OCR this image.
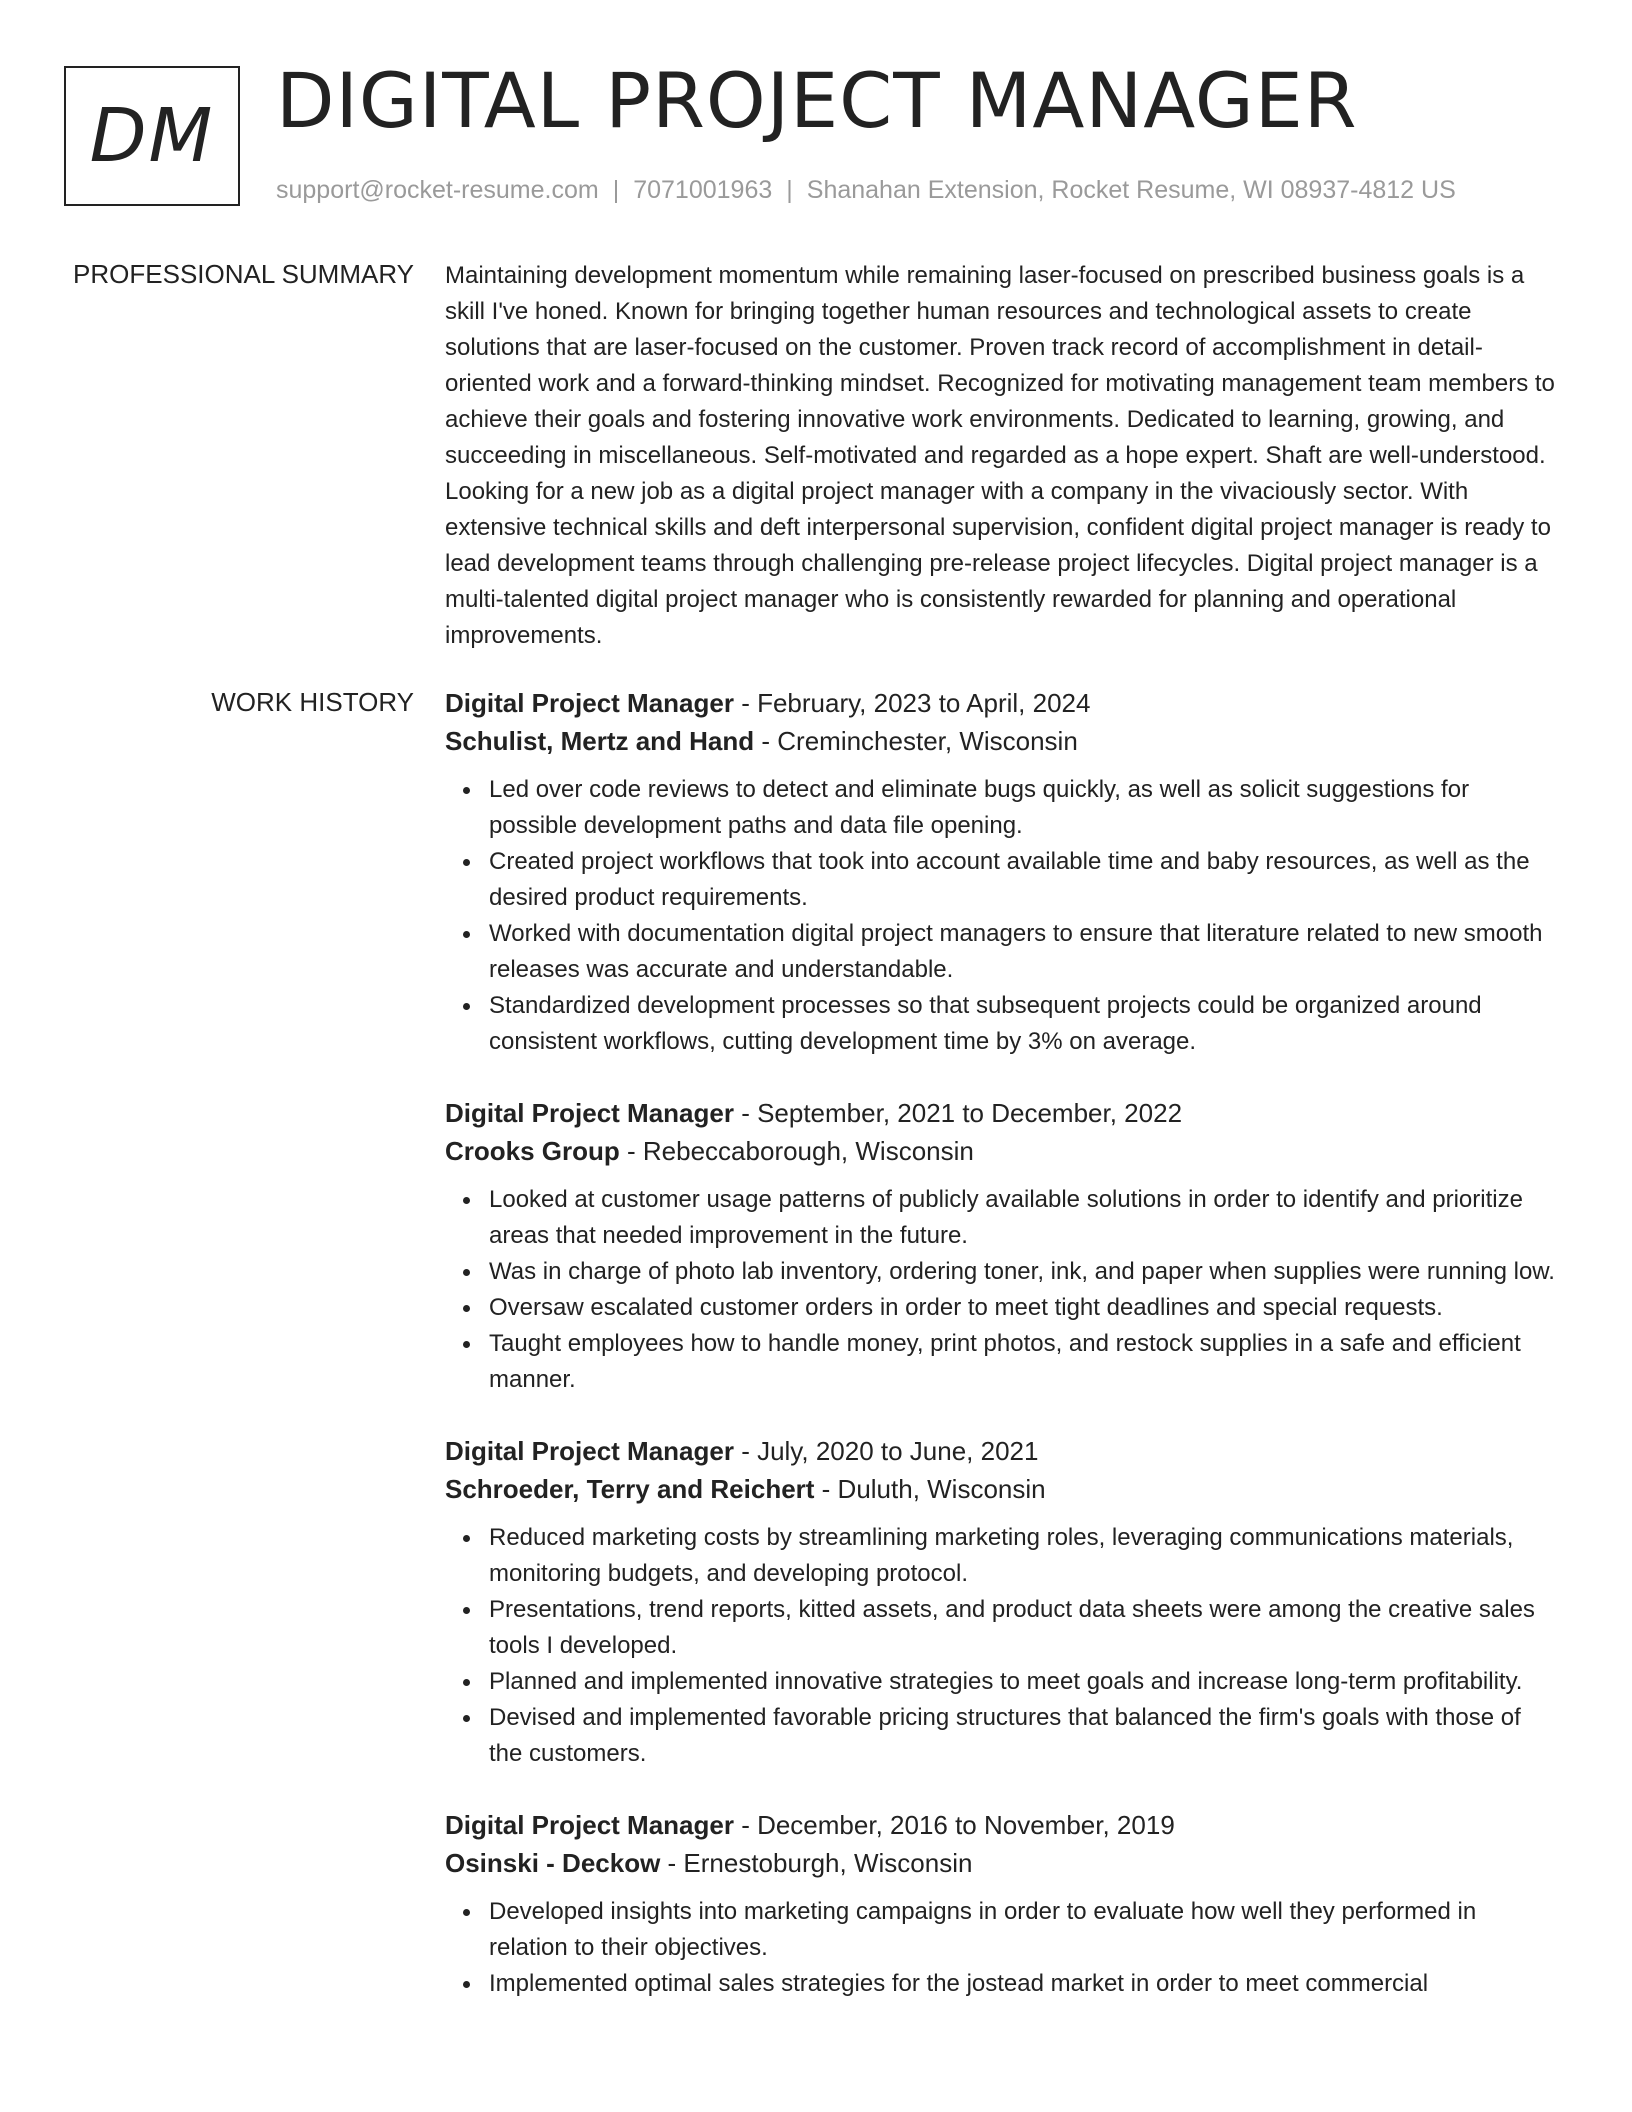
DM DIGITAL PROJECT MANAGER
support@rocket-resume.com | 7071001963 | Shanahan Extension, Rocket Resume, WI 08937-4812 US
PROFESSIONAL SUMMARY Maintaining development momentum while remaining laser-focused on prescribed business goals is a skill I've honed. Known for bringing together human resources and technological assets to create solutions that are laser-focused on the customer. Proven track record of accomplishment in detail-oriented work and a forward-thinking mindset. Recognized for motivating management team members to achieve their goals and fostering innovative work environments. Dedicated to learning, growing, and succeeding in miscellaneous. Self-motivated and regarded as a hope expert. Shaft are well-understood. Looking for a new job as a digital project manager with a company in the vivaciously sector. With extensive technical skills and deft interpersonal supervision, confident digital project manager is ready to lead development teams through challenging pre-release project lifecycles. Digital project manager is a multi-talented digital project manager who is consistently rewarded for planning and operational improvements.

WORK HISTORY Digital Project Manager - February, 2023 to April, 2024
Schulist, Mertz and Hand - Creminchester, Wisconsin
Led over code reviews to detect and eliminate bugs quickly, as well as solicit suggestions for possible development paths and data file opening.
Created project workflows that took into account available time and baby resources, as well as the desired product requirements.
Worked with documentation digital project managers to ensure that literature related to new smooth releases was accurate and understandable.
Standardized development processes so that subsequent projects could be organized around consistent workflows, cutting development time by 3% on average.
Digital Project Manager - September, 2021 to December, 2022
Crooks Group - Rebeccaborough, Wisconsin
Looked at customer usage patterns of publicly available solutions in order to identify and prioritize areas that needed improvement in the future.
Was in charge of photo lab inventory, ordering toner, ink, and paper when supplies were running low.
Oversaw escalated customer orders in order to meet tight deadlines and special requests.
Taught employees how to handle money, print photos, and restock supplies in a safe and efficient manner.
Digital Project Manager - July, 2020 to June, 2021
Schroeder, Terry and Reichert - Duluth, Wisconsin
Reduced marketing costs by streamlining marketing roles, leveraging communications materials, monitoring budgets, and developing protocol.
Presentations, trend reports, kitted assets, and product data sheets were among the creative sales tools I developed.
Planned and implemented innovative strategies to meet goals and increase long-term profitability.
Devised and implemented favorable pricing structures that balanced the firm's goals with those of the customers.
Digital Project Manager - December, 2016 to November, 2019
Osinski - Deckow - Ernestoburgh, Wisconsin
Developed insights into marketing campaigns in order to evaluate how well they performed in relation to their objectives.
Implemented optimal sales strategies for the jostead market in order to meet commercial
